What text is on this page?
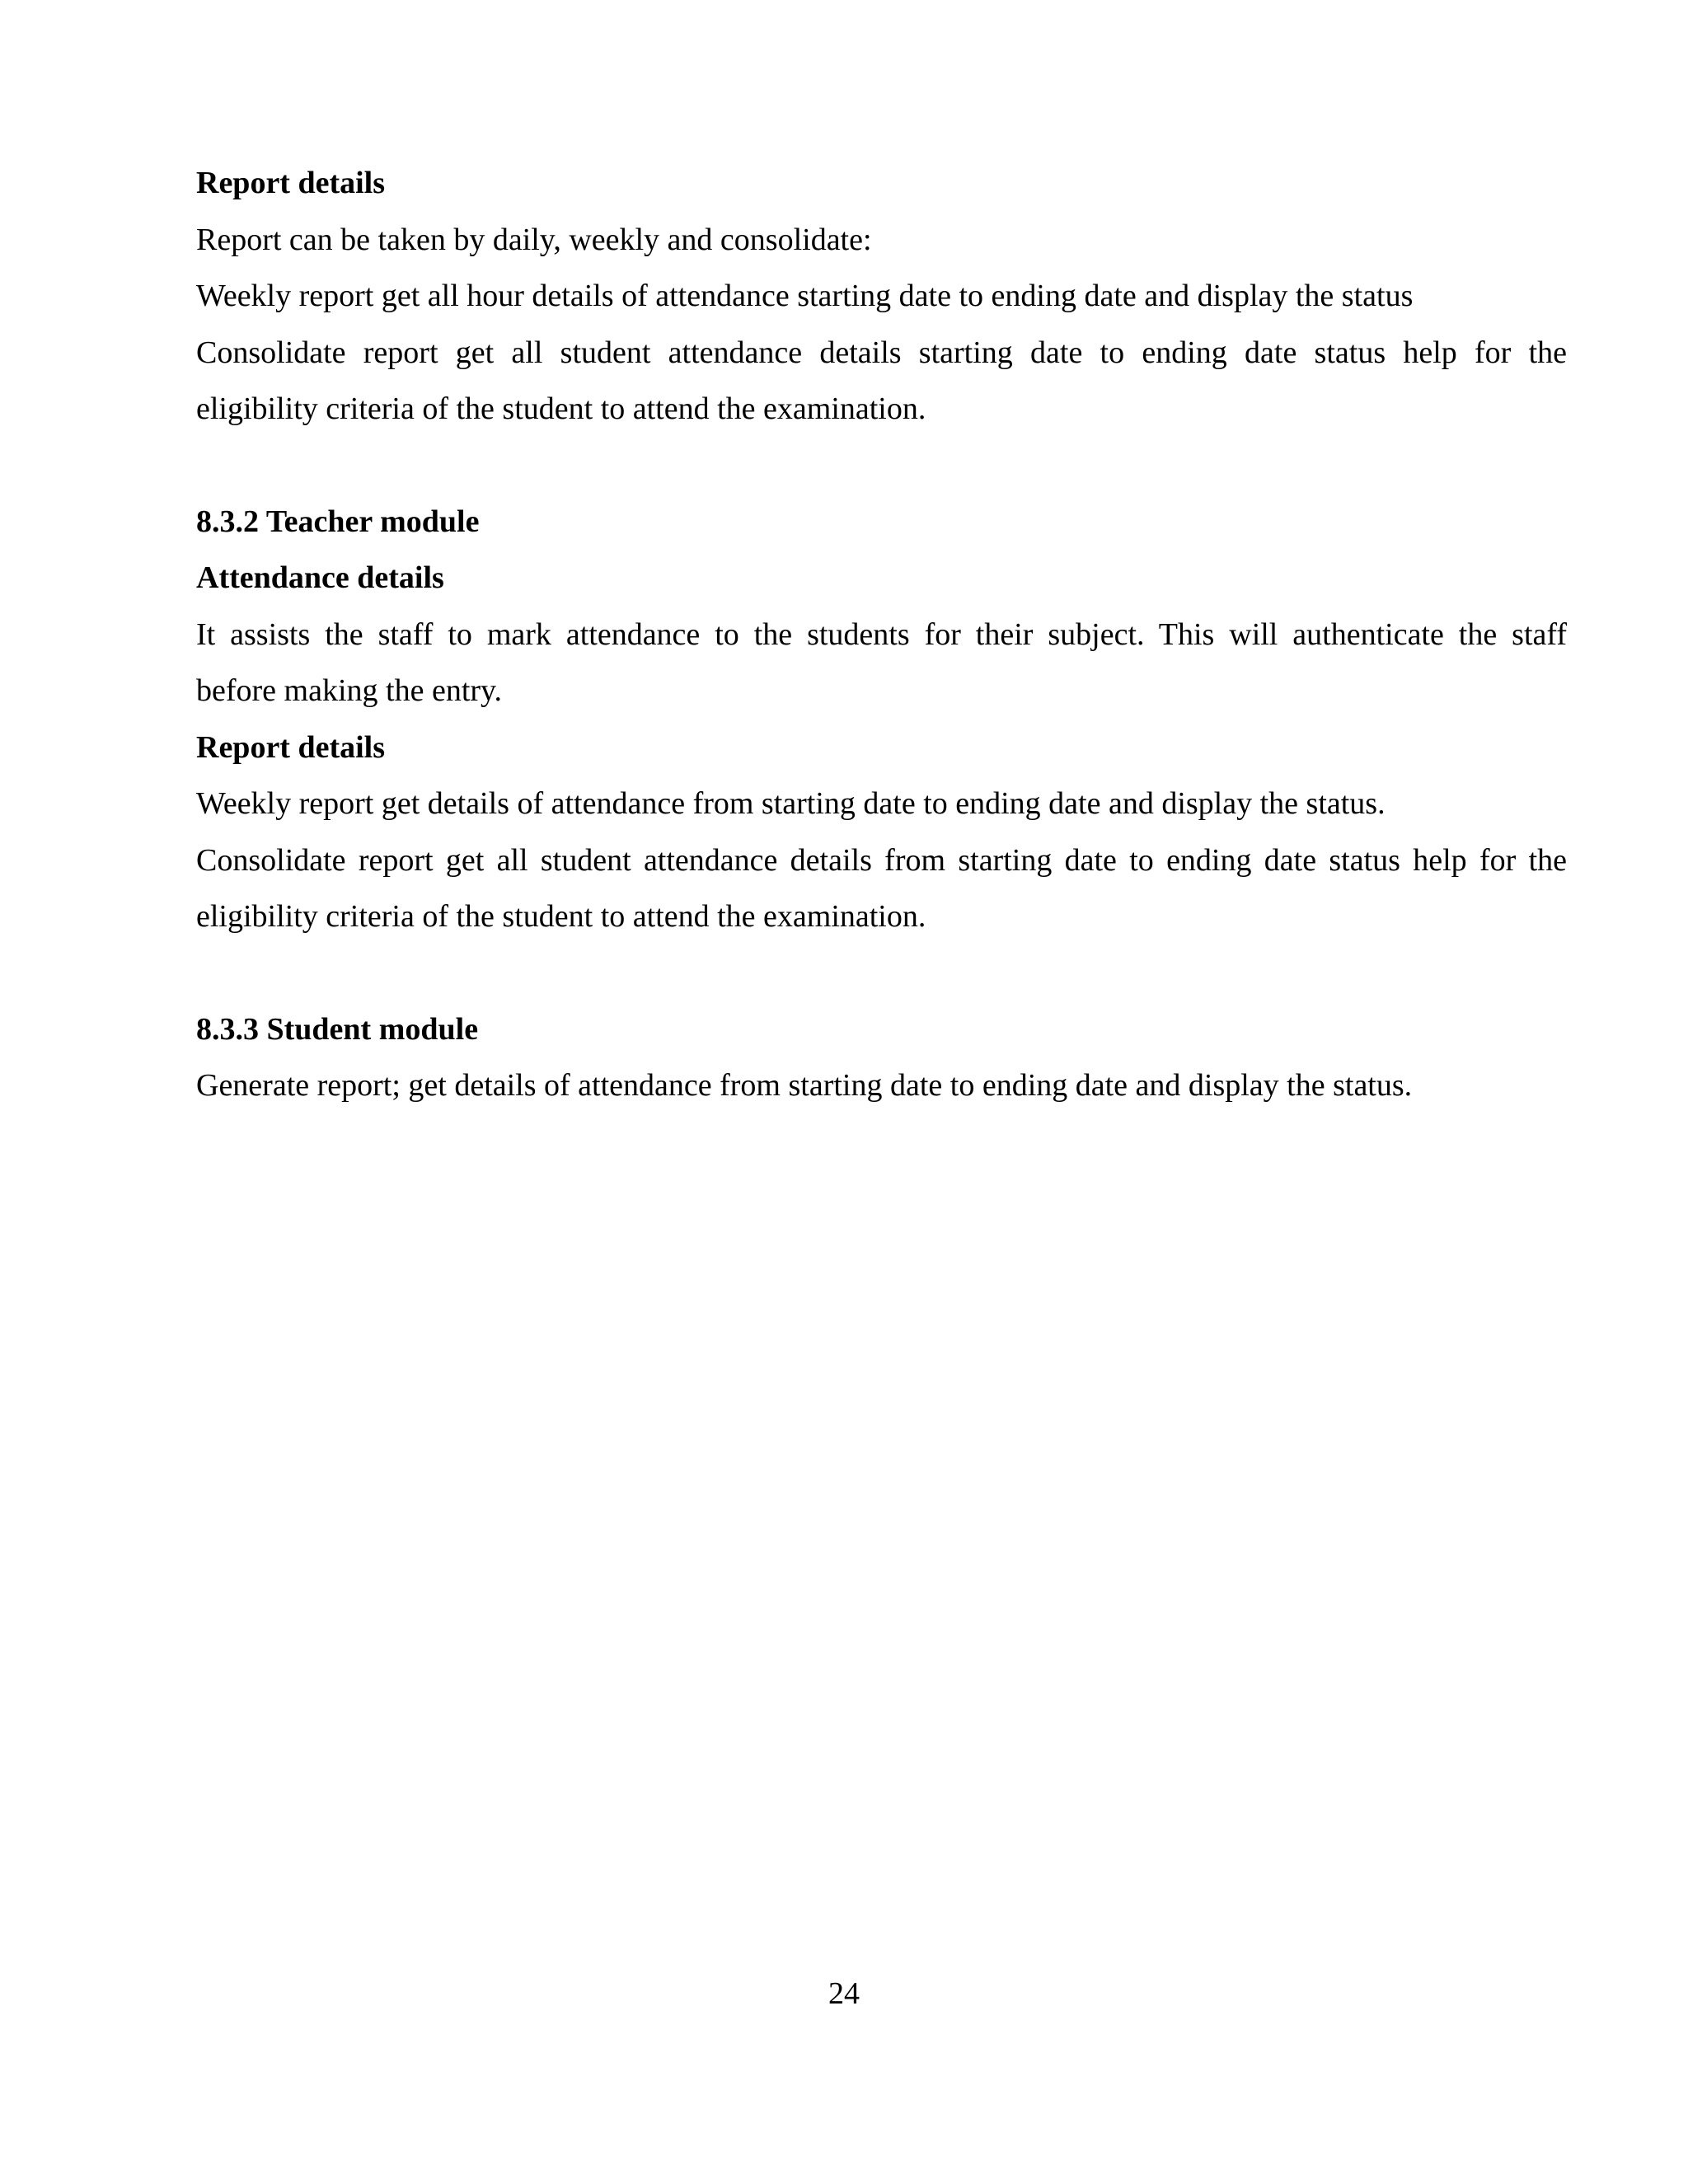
Report details
Report can be taken by daily, weekly and consolidate:
Weekly report get all hour details of attendance starting date to ending date and display the status
Consolidate report get all student attendance details starting date to ending date status help for the
eligibility criteria of the student to attend the examination.
8.3.2 Teacher module
Attendance details
It assists the staff to mark attendance to the students for their subject. This will authenticate the staff
before making the entry.
Report details
Weekly report get details of attendance from starting date to ending date and display the status.
Consolidate report get all student attendance details from starting date to ending date status help for the
eligibility criteria of the student to attend the examination.
8.3.3 Student module
Generate report; get details of attendance from starting date to ending date and display the status.
24
